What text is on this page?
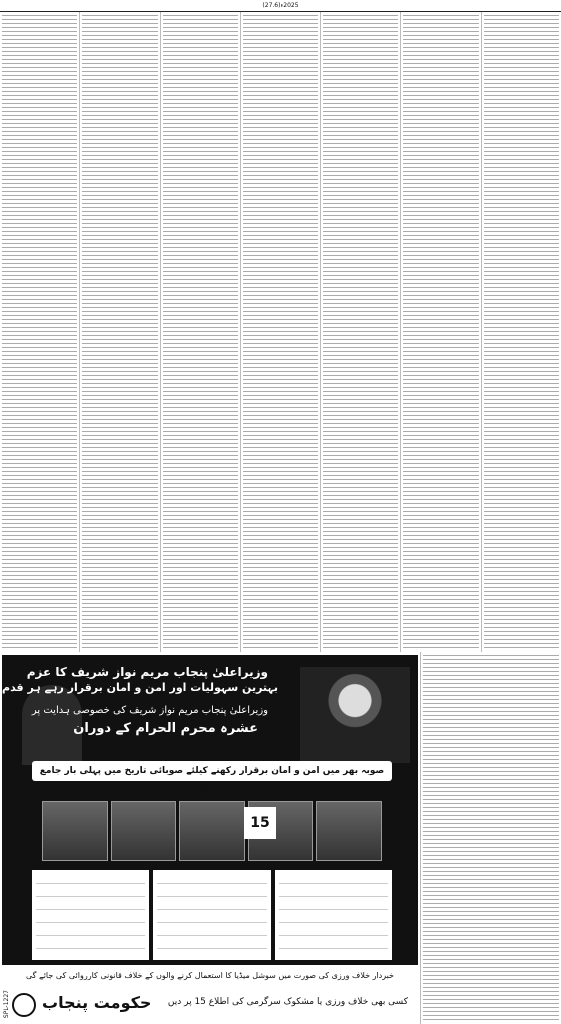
2025ء(27.6)
وزیراعلیٰ پنجاب مریم نواز شریف کا عزم
بہترین سہولیات اور امن و امان برقرار رہے ہر قدم
وزیراعلیٰ پنجاب مریم نواز شریف کی خصوصی ہدایت پر
عشرہ محرم الحرام کے دوران
صوبہ بھر میں امن و امان برقرار رکھنے کیلئے صوبائی تاریخ میں پہلی بار جامع سکیورٹی پلان جاری
15
خبردار خلاف ورزی کی صورت میں سوشل میڈیا کا استعمال کرنے والوں کے خلاف قانونی کارروائی کی جائے گی
حکومت پنجاب کسی بھی خلاف ورزی یا مشکوک سرگرمی کی اطلاع 15 پر دیں
SPL-1227
